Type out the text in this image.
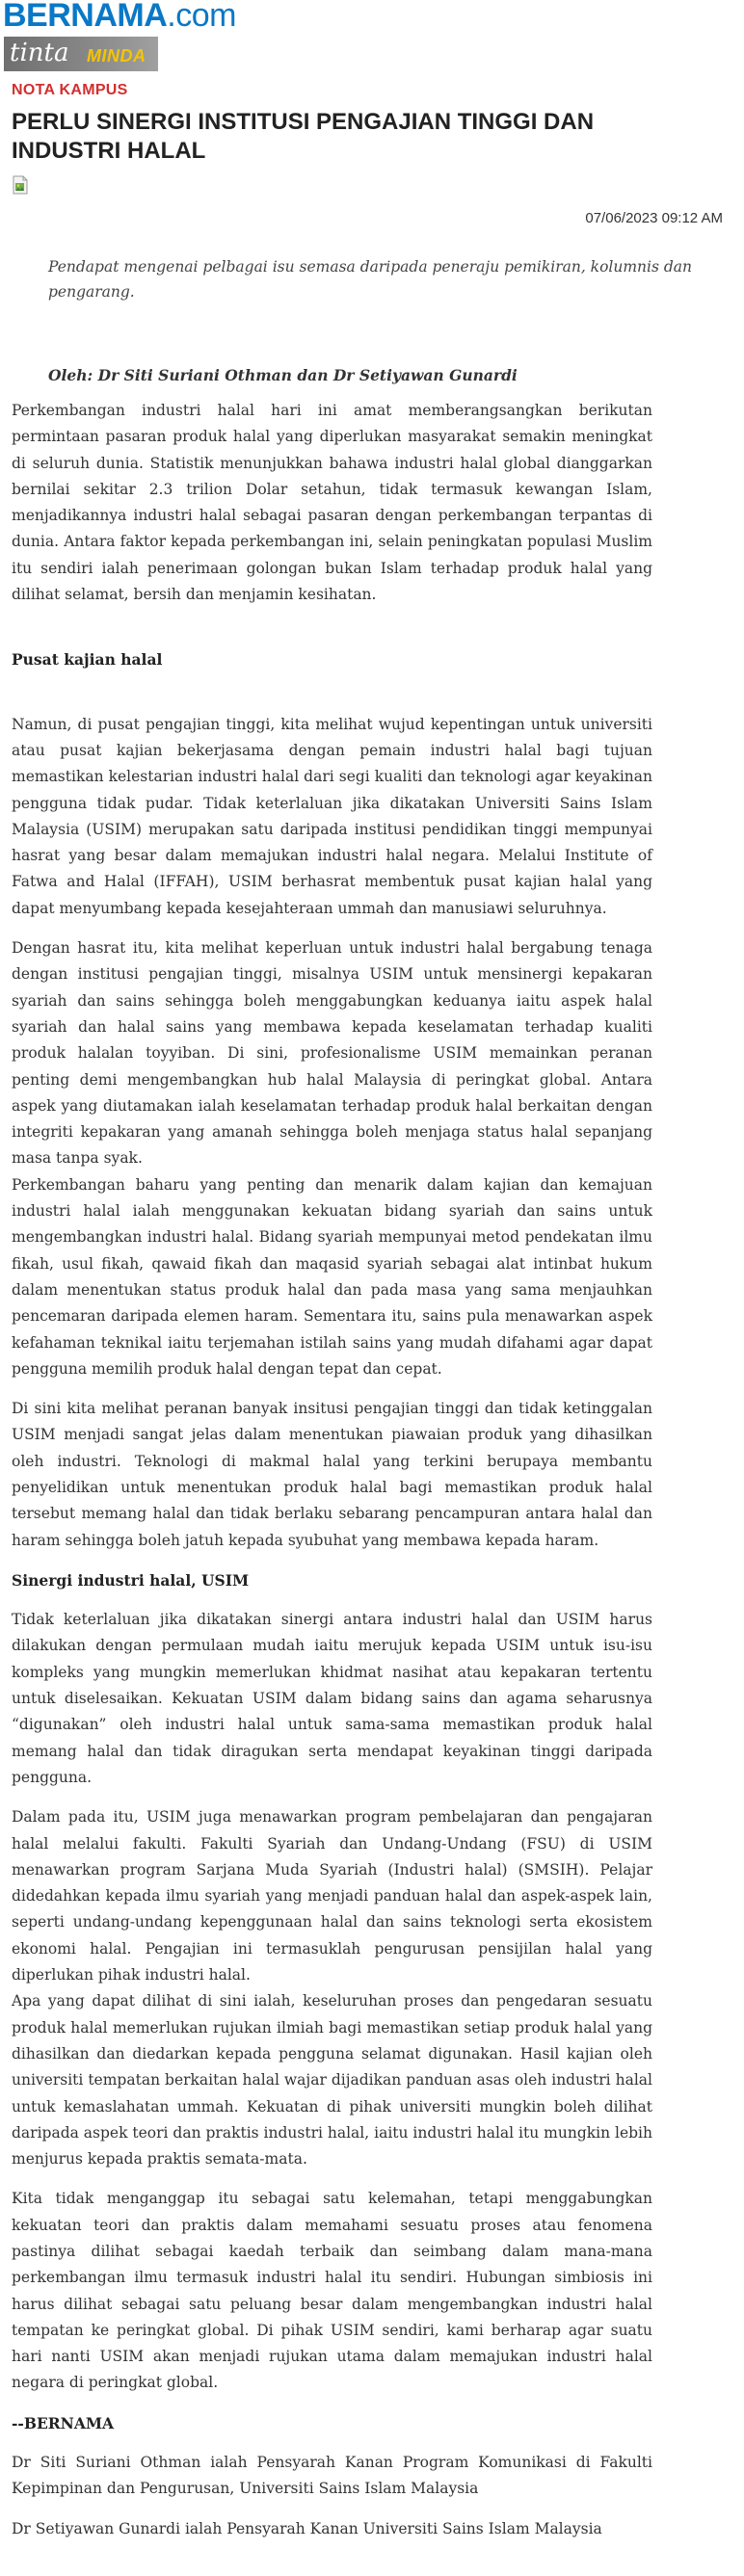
BERNAMA.com
tinta MINDA
NOTA KAMPUS
PERLU SINERGI INSTITUSI PENGAJIAN TINGGI DAN INDUSTRI HALAL
07/06/2023 09:12 AM
Pendapat mengenai pelbagai isu semasa daripada peneraju pemikiran, kolumnis dan pengarang.
Oleh: Dr Siti Suriani Othman dan Dr Setiyawan Gunardi

Perkembangan industri halal hari ini amat memberangsangkan berikutan permintaan pasaran produk halal yang diperlukan masyarakat semakin meningkat di seluruh dunia. Statistik menunjukkan bahawa industri halal global dianggarkan bernilai sekitar 2.3 trilion Dolar setahun, tidak termasuk kewangan Islam, menjadikannya industri halal sebagai pasaran dengan perkembangan terpantas di dunia. Antara faktor kepada perkembangan ini, selain peningkatan populasi Muslim itu sendiri ialah penerimaan golongan bukan Islam terhadap produk halal yang dilihat selamat, bersih dan menjamin kesihatan.

Pusat kajian halal

Namun, di pusat pengajian tinggi, kita melihat wujud kepentingan untuk universiti atau pusat kajian bekerjasama dengan pemain industri halal bagi tujuan memastikan kelestarian industri halal dari segi kualiti dan teknologi agar keyakinan pengguna tidak pudar. Tidak keterlaluan jika dikatakan Universiti Sains Islam Malaysia (USIM) merupakan satu daripada institusi pendidikan tinggi mempunyai hasrat yang besar dalam memajukan industri halal negara. Melalui Institute of Fatwa and Halal (IFFAH), USIM berhasrat membentuk pusat kajian halal yang dapat menyumbang kepada kesejahteraan ummah dan manusiawi seluruhnya.

Dengan hasrat itu, kita melihat keperluan untuk industri halal bergabung tenaga dengan institusi pengajian tinggi, misalnya USIM untuk mensinergi kepakaran syariah dan sains sehingga boleh menggabungkan keduanya iaitu aspek halal syariah dan halal sains yang membawa kepada keselamatan terhadap kualiti produk halalan toyyiban. Di sini, profesionalisme USIM memainkan peranan penting demi mengembangkan hub halal Malaysia di peringkat global. Antara aspek yang diutamakan ialah keselamatan terhadap produk halal berkaitan dengan integriti kepakaran yang amanah sehingga boleh menjaga status halal sepanjang masa tanpa syak.

Perkembangan baharu yang penting dan menarik dalam kajian dan kemajuan industri halal ialah menggunakan kekuatan bidang syariah dan sains untuk mengembangkan industri halal. Bidang syariah mempunyai metod pendekatan ilmu fikah, usul fikah, qawaid fikah dan maqasid syariah sebagai alat intinbat hukum dalam menentukan status produk halal dan pada masa yang sama menjauhkan pencemaran daripada elemen haram. Sementara itu, sains pula menawarkan aspek kefahaman teknikal iaitu terjemahan istilah sains yang mudah difahami agar dapat pengguna memilih produk halal dengan tepat dan cepat.

Di sini kita melihat peranan banyak insitusi pengajian tinggi dan tidak ketinggalan USIM menjadi sangat jelas dalam menentukan piawaian produk yang dihasilkan oleh industri. Teknologi di makmal halal yang terkini berupaya membantu penyelidikan untuk menentukan produk halal bagi memastikan produk halal tersebut memang halal dan tidak berlaku sebarang pencampuran antara halal dan haram sehingga boleh jatuh kepada syubuhat yang membawa kepada haram.

Sinergi industri halal, USIM

Tidak keterlaluan jika dikatakan sinergi antara industri halal dan USIM harus dilakukan dengan permulaan mudah iaitu merujuk kepada USIM untuk isu-isu kompleks yang mungkin memerlukan khidmat nasihat atau kepakaran tertentu untuk diselesaikan. Kekuatan USIM dalam bidang sains dan agama seharusnya “digunakan” oleh industri halal untuk sama-sama memastikan produk halal memang halal dan tidak diragukan serta mendapat keyakinan tinggi daripada pengguna.

Dalam pada itu, USIM juga menawarkan program pembelajaran dan pengajaran halal melalui fakulti. Fakulti Syariah dan Undang-Undang (FSU) di USIM menawarkan program Sarjana Muda Syariah (Industri halal) (SMSIH). Pelajar didedahkan kepada ilmu syariah yang menjadi panduan halal dan aspek-aspek lain, seperti undang-undang kepenggunaan halal dan sains teknologi serta ekosistem ekonomi halal. Pengajian ini termasuklah pengurusan pensijilan halal yang diperlukan pihak industri halal.

Apa yang dapat dilihat di sini ialah, keseluruhan proses dan pengedaran sesuatu produk halal memerlukan rujukan ilmiah bagi memastikan setiap produk halal yang dihasilkan dan diedarkan kepada pengguna selamat digunakan. Hasil kajian oleh universiti tempatan berkaitan halal wajar dijadikan panduan asas oleh industri halal untuk kemaslahatan ummah. Kekuatan di pihak universiti mungkin boleh dilihat daripada aspek teori dan praktis industri halal, iaitu industri halal itu mungkin lebih menjurus kepada praktis semata-mata.

Kita tidak menganggap itu sebagai satu kelemahan, tetapi menggabungkan kekuatan teori dan praktis dalam memahami sesuatu proses atau fenomena pastinya dilihat sebagai kaedah terbaik dan seimbang dalam mana-mana perkembangan ilmu termasuk industri halal itu sendiri. Hubungan simbiosis ini harus dilihat sebagai satu peluang besar dalam mengembangkan industri halal tempatan ke peringkat global. Di pihak USIM sendiri, kami berharap agar suatu hari nanti USIM akan menjadi rujukan utama dalam memajukan industri halal negara di peringkat global.

--BERNAMA

Dr Siti Suriani Othman ialah Pensyarah Kanan Program Komunikasi di Fakulti Kepimpinan dan Pengurusan, Universiti Sains Islam Malaysia

Dr Setiyawan Gunardi ialah Pensyarah Kanan Universiti Sains Islam Malaysia
